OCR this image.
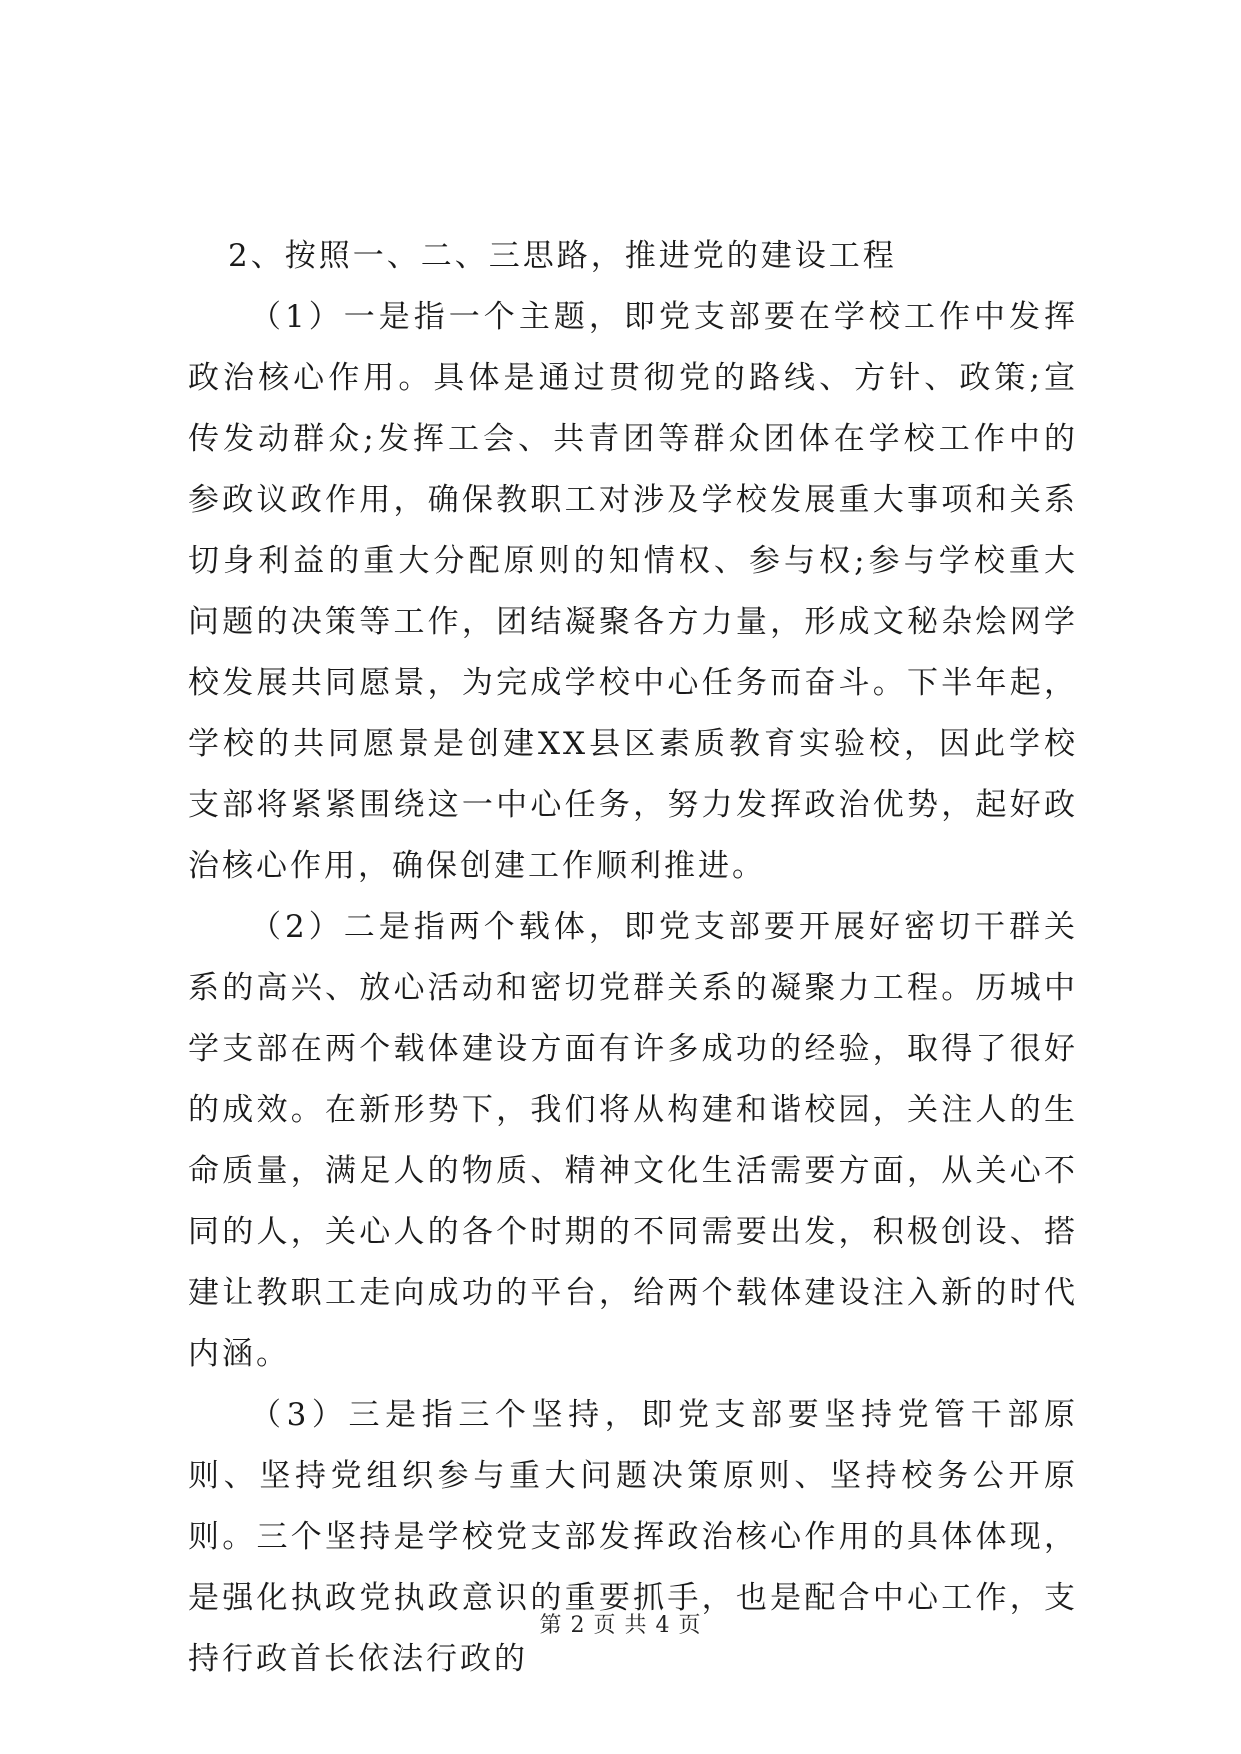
2、按照一、二、三思路，推进党的建设工程

（1）一是指一个主题，即党支部要在学校工作中发挥政治核心作用。具体是通过贯彻党的路线、方针、政策;宣传发动群众;发挥工会、共青团等群众团体在学校工作中的参政议政作用，确保教职工对涉及学校发展重大事项和关系切身利益的重大分配原则的知情权、参与权;参与学校重大问题的决策等工作，团结凝聚各方力量，形成文秘杂烩网学校发展共同愿景，为完成学校中心任务而奋斗。下半年起，学校的共同愿景是创建XX县区素质教育实验校，因此学校支部将紧紧围绕这一中心任务，努力发挥政治优势，起好政治核心作用，确保创建工作顺利推进。

（2）二是指两个载体，即党支部要开展好密切干群关系的高兴、放心活动和密切党群关系的凝聚力工程。历城中学支部在两个载体建设方面有许多成功的经验，取得了很好的成效。在新形势下，我们将从构建和谐校园，关注人的生命质量，满足人的物质、精神文化生活需要方面，从关心不同的人，关心人的各个时期的不同需要出发，积极创设、搭建让教职工走向成功的平台，给两个载体建设注入新的时代内涵。

（3）三是指三个坚持，即党支部要坚持党管干部原则、坚持党组织参与重大问题决策原则、坚持校务公开原则。三个坚持是学校党支部发挥政治核心作用的具体体现，是强化执政党执政意识的重要抓手，也是配合中心工作，支持行政首长依法行政的

第 2 页 共 4 页
